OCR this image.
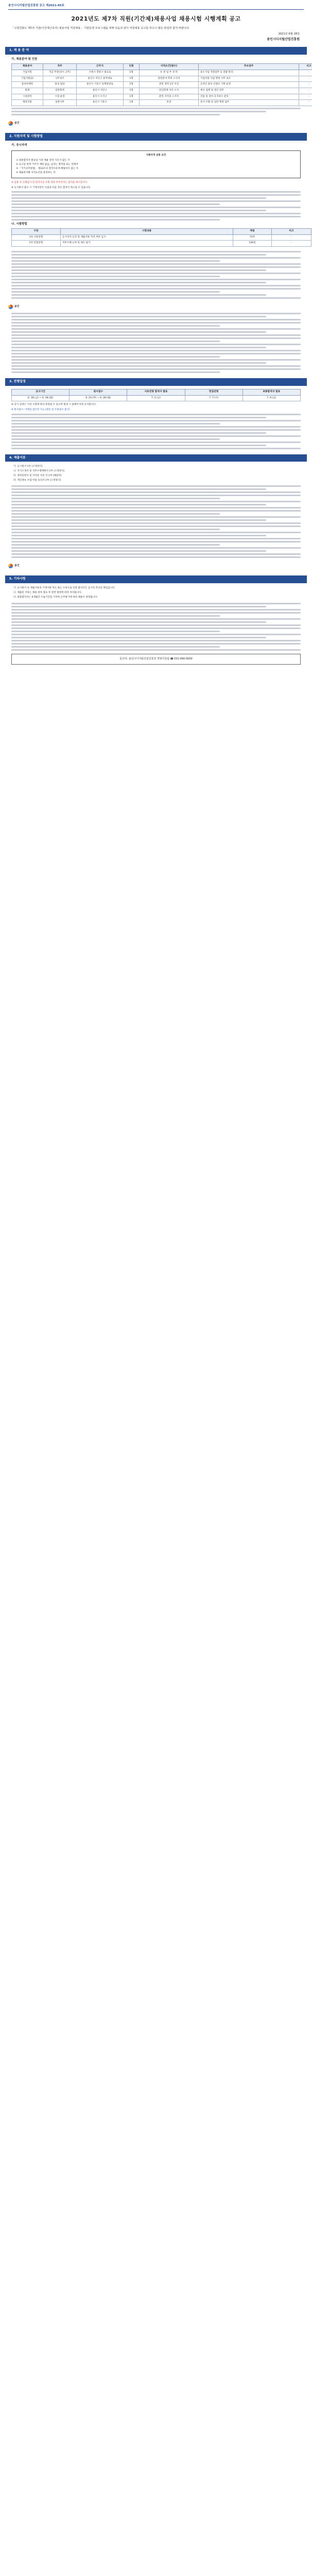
용인시디지털산업진흥원 공고 제2021-45호
2021년도 제7차 직원(기간제)채용사업 채용시험 시행계획 공고
「고령친화도 제7차 기관(기간제근로자) 채용사업 직원채용」 기관운영 프로그램을 위해 다음과 같이 직원채용 공고를 하오니 많은 관심과 참여 바랍니다.
2021년 6월 18일
용인시디지털산업진흥원
1. 채 용 분 야
가. 채용분야 및 인원
채용분야	직무	근무지	인원	자격요건(필수)	주요업무	비고
기업지원	직급 무관(상시 근무)	수원시 영통구 광교로	1명	유 관 업 무 경 력	중소기업 지원업무 등 총괄 관리	-
기업지원(2)	사무보조	용인시 처인구 중부대로	1명	관련분야 학위 소지자	기업지원 사업 행정 사무 보조	-
홍보마케팅	홍보 담당	용인시 기흥구 동백중앙로	1명	관련 경력 1년 이상	온라인 홍보 콘텐츠 기획 운영	-
회계	일반회계	용인시 처인구	1명	전산회계 자격 소지	예산 집행 및 결산 업무	-
시설관리	시설 운영	용인시 수지구	1명	관련 자격증 소지자	건물 및 장비 유지보수 관리	-
행정지원	일반사무	용인시 기흥구	1명	무관	문서 수발 및 일반 행정 업무	-
용인
2. 지원자격 및 시험방법
가. 응시자격
지원자격 공통 요건
① 최종합격자 발표일 기준 채용 결격 사유가 없는 자
② 공고일 현재 거주지 제한 없음, 남자는 병역필 또는 면제자
③ 「국가공무원법」 제33조의 결격사유에 해당하지 않는 자
④ 채용분야별 자격요건을 충족하는 자
※ 임용 전 신체검사 및 결격사유 조회 결과 부적격자는 합격을 취소합니다.
※ 응시원서 접수 시 기재사항이 사실과 다를 경우 합격이 취소될 수 있습니다.
나. 시험방법
구분	시험내용	배점	비고
1차 서류전형	응시자격 요건 및 제출서류 적격 여부 심사	적/부	-
2차 면접전형	직무수행 능력 및 태도 평가	100점	-
용인
3. 전형일정
공고기간	원서접수	서류전형 합격자 발표	면접전형	최종합격자 발표
6. 18.(금) ~ 6. 28.(월)	6. 24.(목) ~ 6. 28.(월)	7. 2.(금)	7. 7.(수)	7. 9.(금)
※ 상기 일정은 기관 사정에 따라 변경될 수 있으며 변경 시 홈페이지에 공지합니다.
※ 원서접수: 이메일 접수만 가능 (방문 및 우편접수 불가)
4. 제출서류
가. 응시원서 1부 (소정양식)
나. 자기소개서 및 직무수행계획서 1부 (소정양식)
다. 경력증명서 및 자격증 사본 각 1부 (해당자)
라. 개인정보 수집·이용 동의서 1부 (소정양식)
용인
5. 기타사항
가. 응시원서 등 제출서류의 기재사항 착오 또는 누락으로 인한 불이익은 응시자 본인의 책임입니다.
나. 제출된 서류는 채용 절차 종료 후 관련 법령에 따라 처리됩니다.
다. 최종합격자는 6개월간 수습기간을 거치며 근무평가에 따라 채용이 결정됩니다.
문의처: 용인시디지털산업진흥원 경영지원팀 ☎ 031-000-0000
